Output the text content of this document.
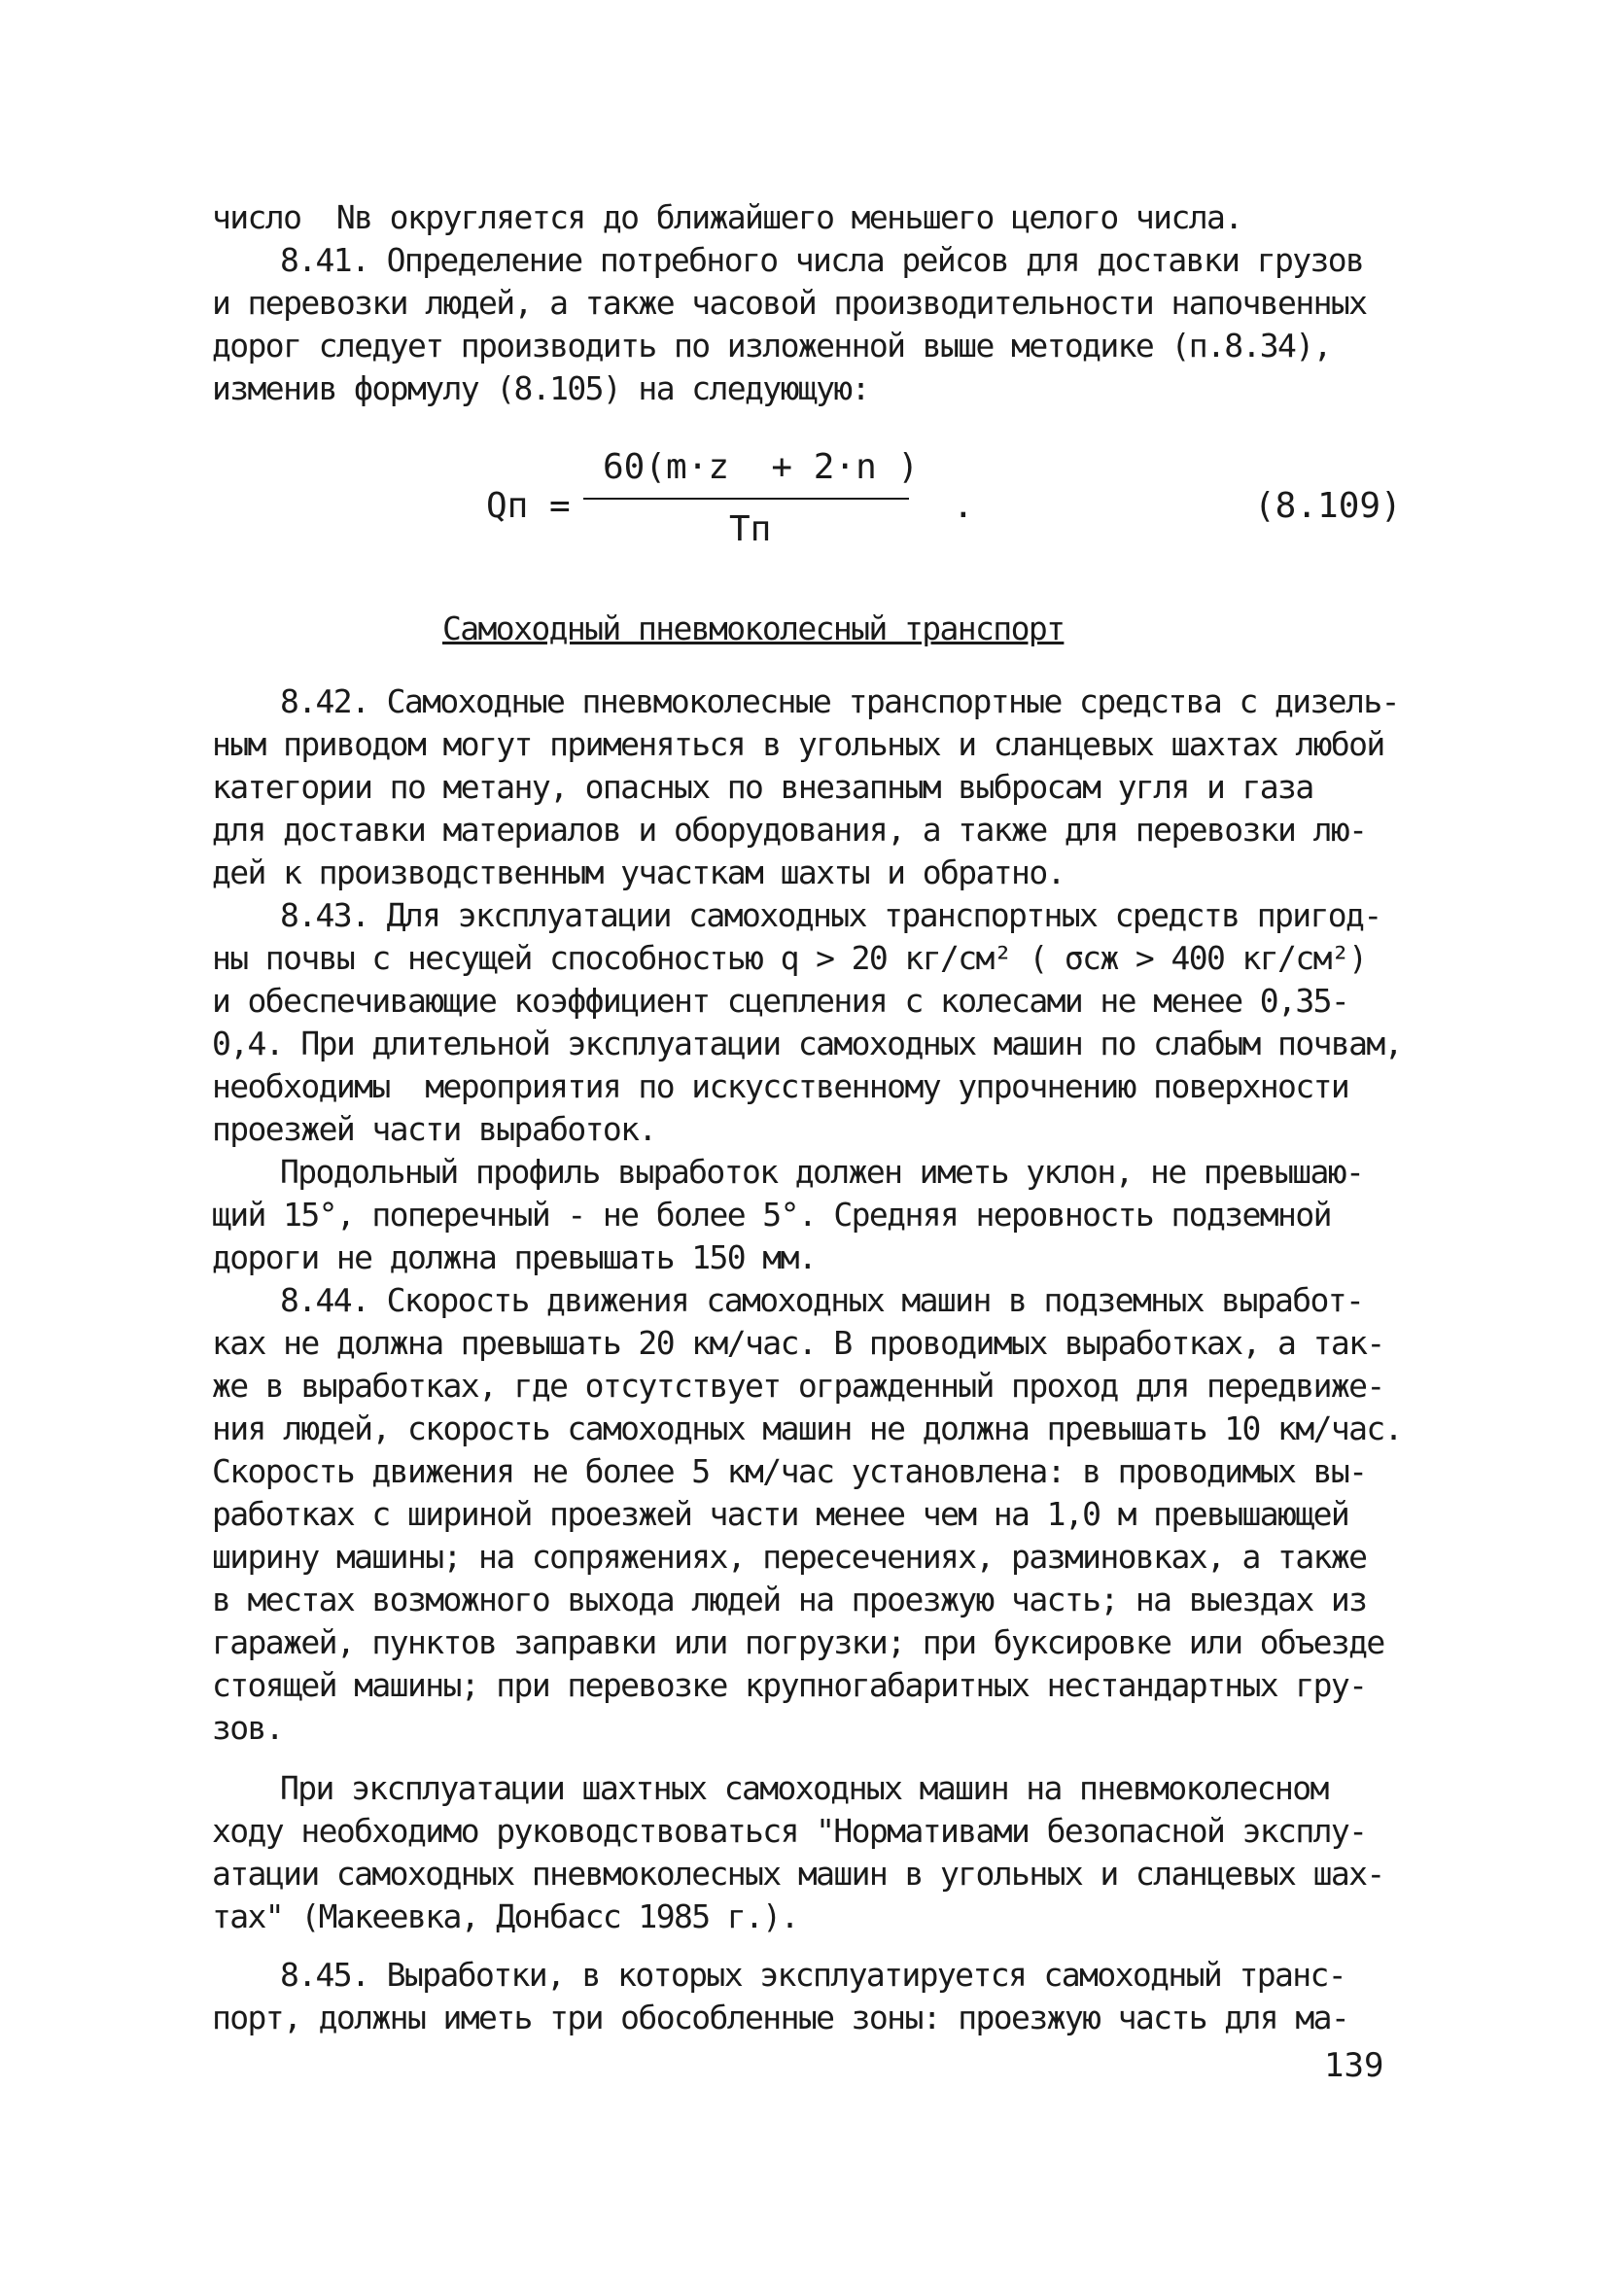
число  Nв округляется до ближайшего меньшего целого числа.
8.41. Определение потребного числа рейсов для доставки грузов
и перевозки людей, а также часовой производительности напочвенных
дорог следует производить по изложенной выше методике (п.8.34),
изменив формулу (8.105) на следующую:
Qп =
60(m·z  + 2·n )
Tп
.	(8.109)
Самоходный пневмоколесный транспорт
8.42. Самоходные пневмоколесные транспортные средства с дизель-
ным приводом могут применяться в угольных и сланцевых шахтах любой
категории по метану, опасных по внезапным выбросам угля и газа
для доставки материалов и оборудования, а также для перевозки лю-
дей к производственным участкам шахты и обратно.
8.43. Для эксплуатации самоходных транспортных средств пригод-
ны почвы с несущей способностью q > 20 кг/см² ( σсж > 400 кг/см²)
и обеспечивающие коэффициент сцепления с колесами не менее 0,35-
0,4. При длительной эксплуатации самоходных машин по слабым почвам,
необходимы  мероприятия по искусственному упрочнению поверхности
проезжей части выработок.
Продольный профиль выработок должен иметь уклон, не превышаю-
щий 15°, поперечный - не более 5°. Средняя неровность подземной
дороги не должна превышать 150 мм.
8.44. Скорость движения самоходных машин в подземных выработ-
ках не должна превышать 20 км/час. В проводимых выработках, а так-
же в выработках, где отсутствует огражденный проход для передвиже-
ния людей, скорость самоходных машин не должна превышать 10 км/час.
Скорость движения не более 5 км/час установлена: в проводимых вы-
работках с шириной проезжей части менее чем на 1,0 м превышающей
ширину машины; на сопряжениях, пересечениях, разминовках, а также
в местах возможного выхода людей на проезжую часть; на выездах из
гаражей, пунктов заправки или погрузки; при буксировке или объезде
стоящей машины; при перевозке крупногабаритных нестандартных гру-
зов.
При эксплуатации шахтных самоходных машин на пневмоколесном
ходу необходимо руководствоваться "Нормативами безопасной эксплу-
атации самоходных пневмоколесных машин в угольных и сланцевых шах-
тах" (Макеевка, Донбасс 1985 г.).
8.45. Выработки, в которых эксплуатируется самоходный транс-
порт, должны иметь три обособленные зоны: проезжую часть для ма-
139
